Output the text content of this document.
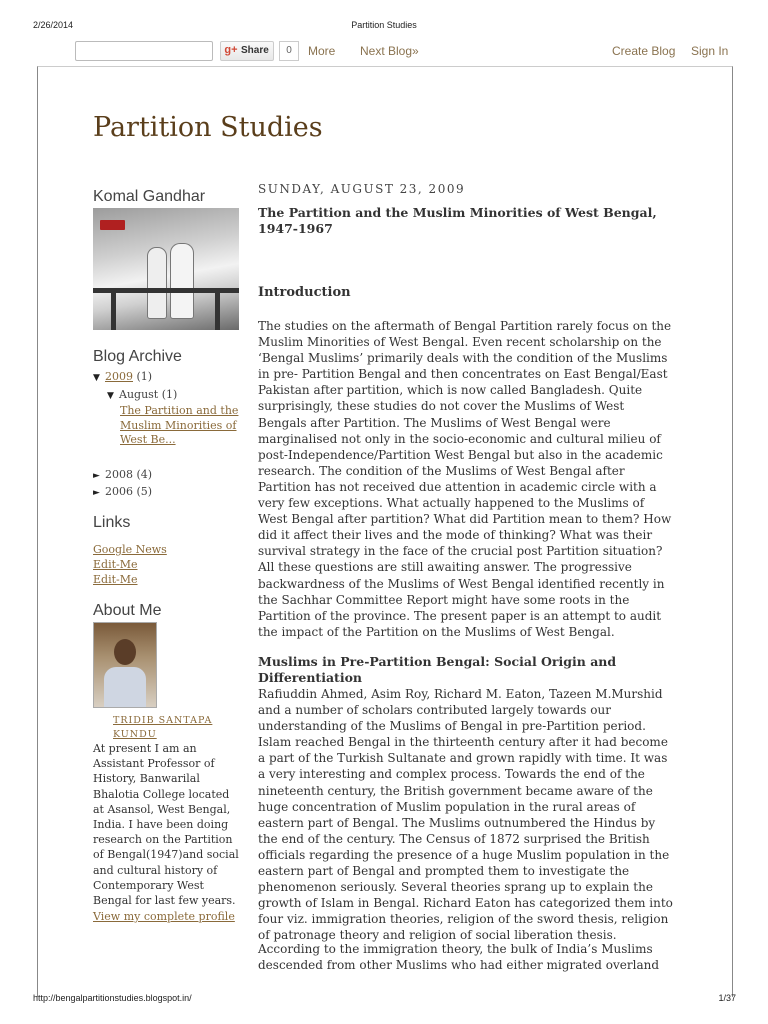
2/26/2014	Partition Studies
g+ Share	0	More Next Blog»	Create Blog Sign In
Partition Studies
Komal Gandhar
Blog Archive
▼ 2009 (1)
▼ August (1)
The Partition and the Muslim Minorities of West Be...
► 2008 (4)
► 2006 (5)
Links
Google News
Edit-Me
Edit-Me
About Me
TRIDIB SANTAPA KUNDU
At present I am an Assistant Professor of History, Banwarilal Bhalotia College located at Asansol, West Bengal, India. I have been doing research on the Partition of Bengal(1947)and social and cultural history of Contemporary West Bengal for last few years.
View my complete profile
SUNDAY, AUGUST 23, 2009
The Partition and the Muslim Minorities of West Bengal, 1947-1967
Introduction
The studies on the aftermath of Bengal Partition rarely focus on the Muslim Minorities of West Bengal. Even recent scholarship on the ‘Bengal Muslims’ primarily deals with the condition of the Muslims in pre- Partition Bengal and then concentrates on East Bengal/East Pakistan after partition, which is now called Bangladesh. Quite surprisingly, these studies do not cover the Muslims of West Bengals after Partition. The Muslims of West Bengal were marginalised not only in the socio-economic and cultural milieu of post-Independence/Partition West Bengal but also in the academic research. The condition of the Muslims of West Bengal after Partition has not received due attention in academic circle with a very few exceptions. What actually happened to the Muslims of West Bengal after partition? What did Partition mean to them? How did it affect their lives and the mode of thinking? What was their survival strategy in the face of the crucial post Partition situation? All these questions are still awaiting answer. The progressive backwardness of the Muslims of West Bengal identified recently in the Sachhar Committee Report might have some roots in the Partition of the province. The present paper is an attempt to audit the impact of the Partition on the Muslims of West Bengal.
Muslims in Pre-Partition Bengal: Social Origin and Differentiation
Rafiuddin Ahmed, Asim Roy, Richard M. Eaton, Tazeen M.Murshid and a number of scholars contributed largely towards our understanding of the Muslims of Bengal in pre-Partition period. Islam reached Bengal in the thirteenth century after it had become a part of the Turkish Sultanate and grown rapidly with time. It was a very interesting and complex process. Towards the end of the nineteenth century, the British government became aware of the huge concentration of Muslim population in the rural areas of eastern part of Bengal. The Muslims outnumbered the Hindus by the end of the century. The Census of 1872 surprised the British officials regarding the presence of a huge Muslim population in the eastern part of Bengal and prompted them to investigate the phenomenon seriously. Several theories sprang up to explain the growth of Islam in Bengal. Richard Eaton has categorized them into four viz. immigration theories, religion of the sword thesis, religion of patronage theory and religion of social liberation thesis.
According to the immigration theory, the bulk of India’s Muslims descended from other Muslims who had either migrated overland
http://bengalpartitionstudies.blogspot.in/	1/37
